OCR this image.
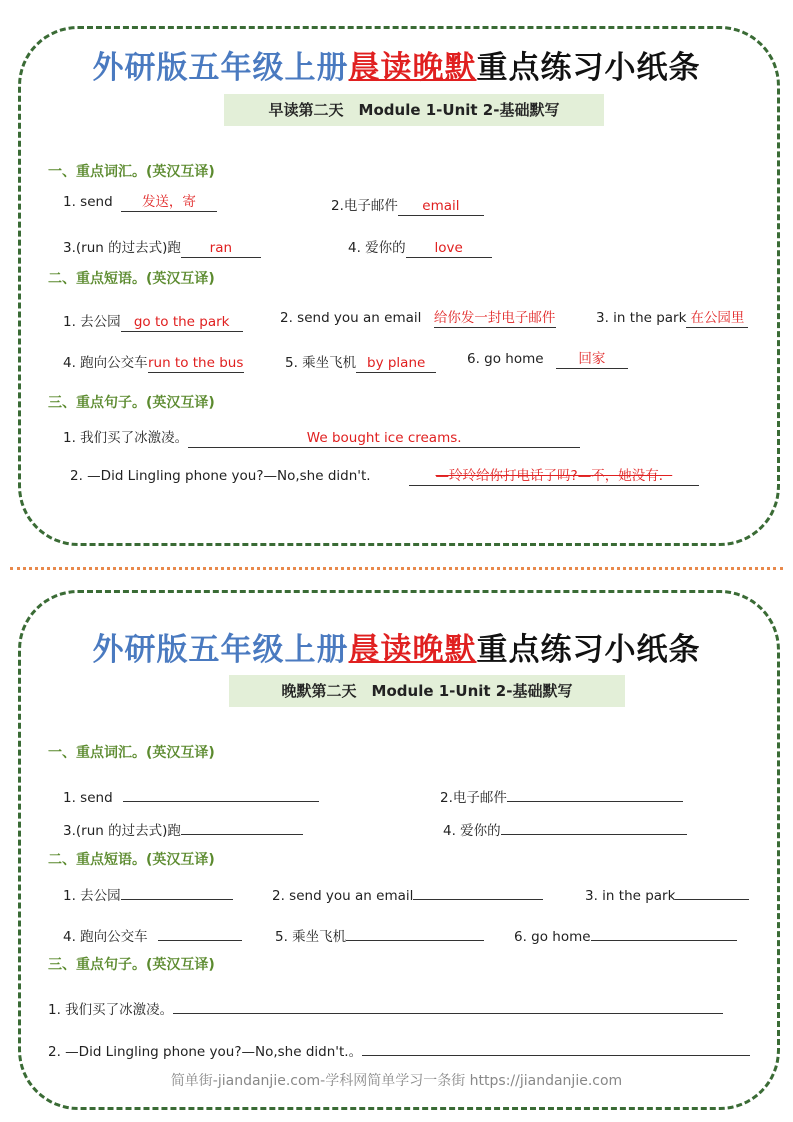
外研版五年级上册晨读晚默重点练习小纸条
早读第二天　Module 1-Unit 2-基础默写
一、重点词汇。(英汉互译)
1. send 发送，寄	2.电子邮件 email
3.(run 的过去式)跑 ran	4. 爱你的 love
二、重点短语。(英汉互译)
1. 去公园 go to the park	2. send you an email 给你发一封电子邮件	3. in the park 在公园里
4. 跑向公交车run to the bus	5. 乘坐飞机 by plane	6. go home	回家
三、重点句子。(英汉互译)
1. 我们买了冰激凌。	We bought ice creams.
2. —Did Lingling phone you?—No,she didn't.	—玲玲给你打电话了吗?—不，她没有．
外研版五年级上册晨读晚默重点练习小纸条
晚默第二天　Module 1-Unit 2-基础默写
一、重点词汇。(英汉互译)
1. send	2.电子邮件
3.(run 的过去式)跑	4. 爱你的
二、重点短语。(英汉互译)
1. 去公园	2. send you an email	3. in the park
4. 跑向公交车	5. 乘坐飞机	6. go home
三、重点句子。(英汉互译)
1. 我们买了冰激凌。
2. —Did Lingling phone you?—No,she didn't.。
简单街-jiandanjie.com-学科网简单学习一条街 https://jiandanjie.com
